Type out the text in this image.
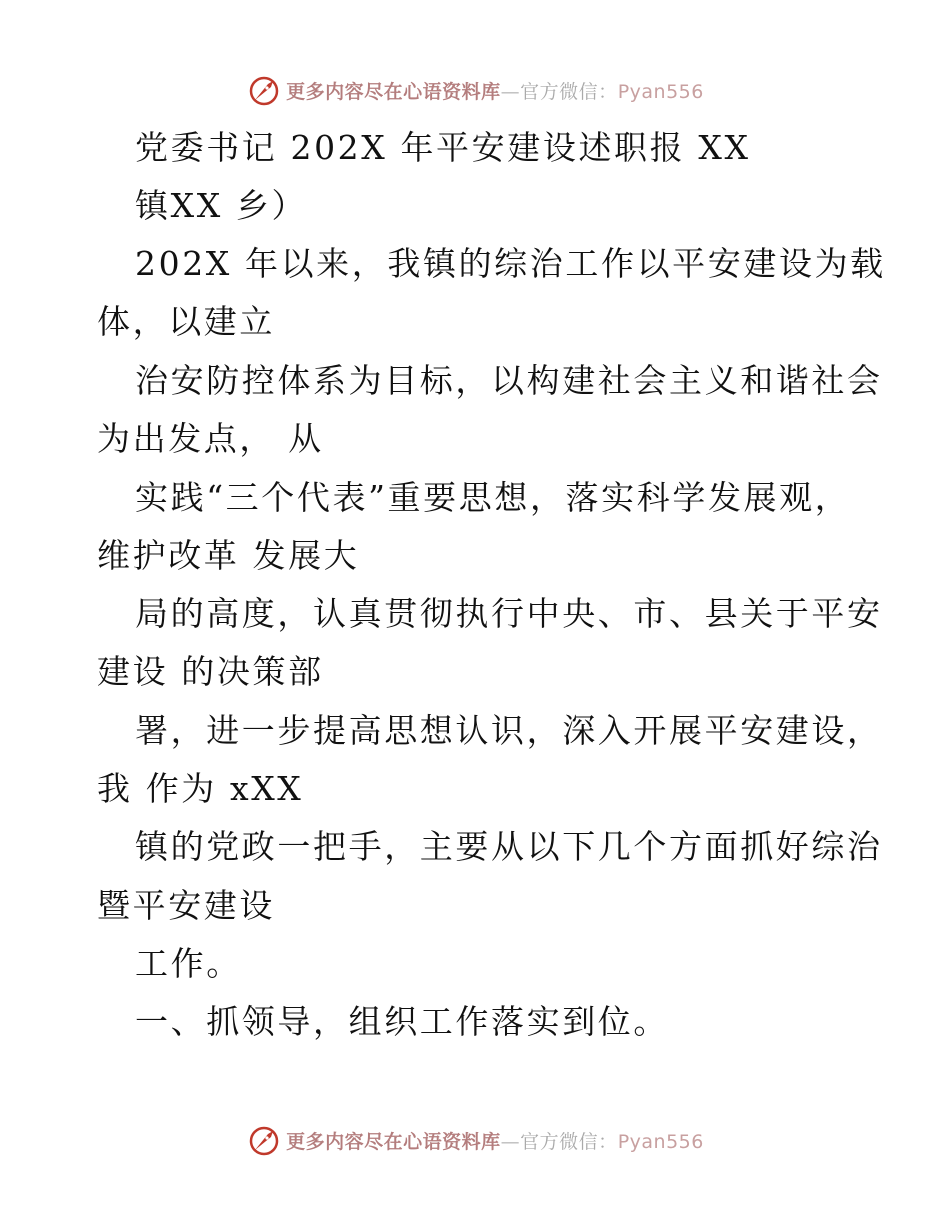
更多内容尽在心语资料库—官方微信：Pyan556
党委书记 202X 年平安建设述职报 XX
镇XX 乡）
202X 年以来，我镇的综治工作以平安建设为载
体，以建立
治安防控体系为目标，以构建社会主义和谐社会
为出发点， 从
实践“三个代表”重要思想，落实科学发展观，
维护改革 发展大
局的高度，认真贯彻执行中央、市、县关于平安
建设 的决策部
署，进一步提高思想认识，深入开展平安建设，
我 作为 xXX
镇的党政一把手，主要从以下几个方面抓好综治
暨平安建设
工作。
一、抓领导，组织工作落实到位。
更多内容尽在心语资料库—官方微信：Pyan556
